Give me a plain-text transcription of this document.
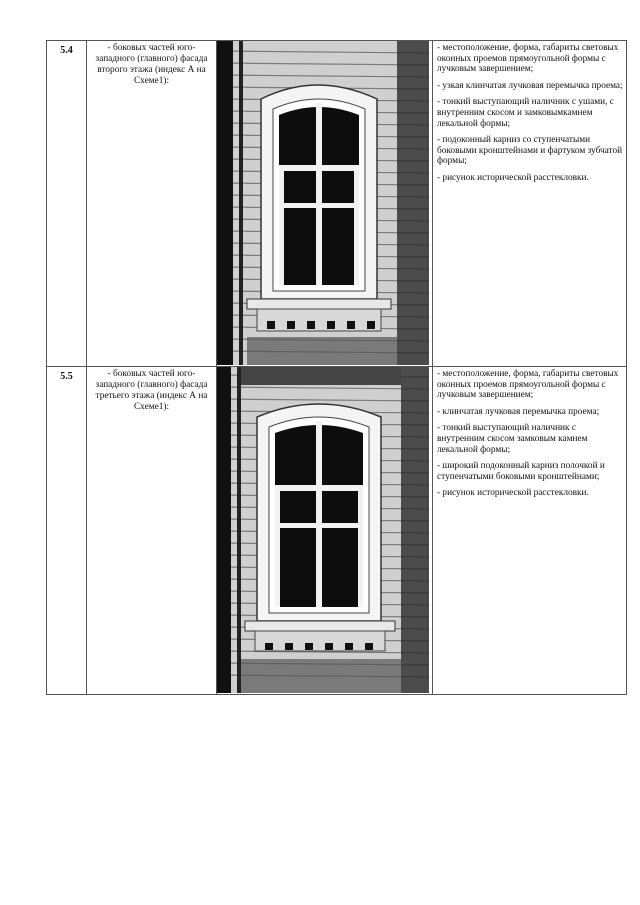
5.4	- боковых частей юго-западного (главного) фасада второго этажа (индекс А на Схеме1):		- местоположение, форма, габариты световых оконных проемов прямоугольной формы с лучковым завершением;

- узкая клинчатая лучковая перемычка проема;

- тонкий выступающий наличник с ушами, с внутренним скосом и замковымкамнем лекальной формы;

- подоконный карниз со ступенчатыми боковыми кронштейнами и фартуком зубчатой формы;

- рисунок исторической расстекловки.

5.5	- боковых частей юго-западного (главного) фасада третьего этажа (индекс А на Схеме1):		- местоположение, форма, габариты световых оконных проемов прямоугольной формы с лучковым завершением;

- клинчатая лучковая перемычка проема;

- тонкий выступающий наличник с внутренним скосом замковым камнем лекальной формы;

- широкий подоконный карниз полочкой и ступенчатыми боковыми кронштейнами;

- рисунок исторической расстекловки.
